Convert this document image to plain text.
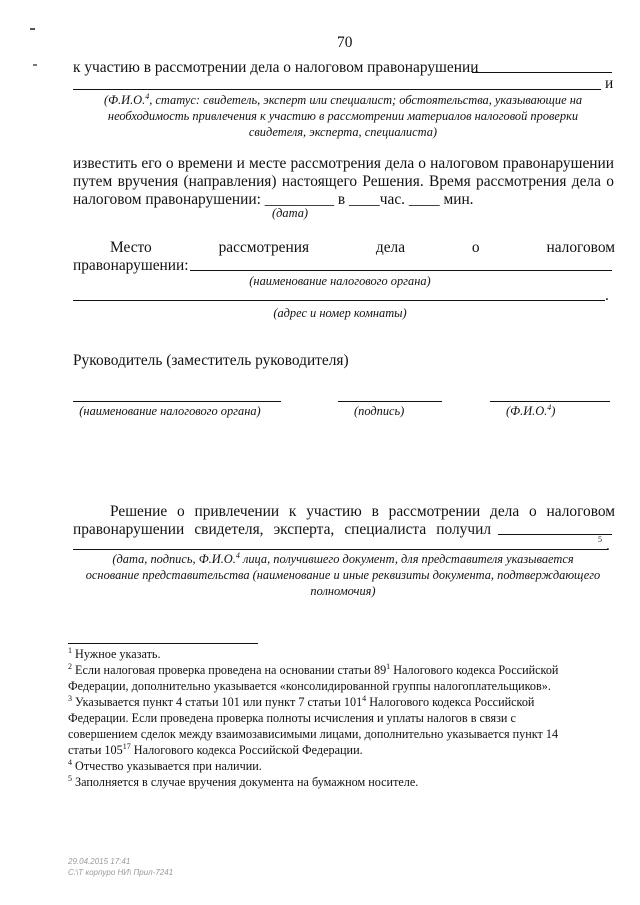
70
к участию в рассмотрении дела о налоговом правонарушении
и
(Ф.И.О.$^4$, статус: свидетель, эксперт или специалист; обстоятельства, указывающие на
необходимость привлечения к участию в рассмотрении материалов налоговой проверки
свидетеля, эксперта, специалиста)
известить его о времени и месте рассмотрения дела о налоговом правонарушении
путем вручения (направления) настоящего Решения. Время рассмотрения дела о
налоговом правонарушении: _________ в ____час. ____ мин.
(дата)
Место рассмотрения дела о налоговом
правонарушении:
(наименование налогового органа)
.
(адрес и номер комнаты)
Руководитель (заместитель руководителя)
(наименование налогового органа)	(подпись)	(Ф.И.О.$^4$)
Решение о привлечении к участию в рассмотрении дела о налоговом
правонарушении свидетеля, эксперта, специалиста получил
5 .
(дата, подпись, Ф.И.О.$^4$ лица, получившего документ, для представителя указывается
основание представительства (наименование и иные реквизиты документа, подтверждающего
полномочия)
$^1$ Нужное указать.
$^2$ Если налоговая проверка проведена на основании статьи $89^1$ Налогового кодекса Российской
Федерации, дополнительно указывается «консолидированной группы налогоплательщиков».
$^3$ Указывается пункт 4 статьи 101 или пункт 7 статьи $101^4$ Налогового кодекса Российской
Федерации. Если проведена проверка полноты исчисления и уплаты налогов в связи с
совершением сделок между взаимозависимыми лицами, дополнительно указывается пункт 14
статьи $105^{17}$ Налогового кодекса Российской Федерации.
$^4$ Отчество указывается при наличии.
$^5$ Заполняется в случае вручения документа на бумажном носителе.
29.04.2015 17:41
С:\Т корпуро НИ\ Прил-7241
